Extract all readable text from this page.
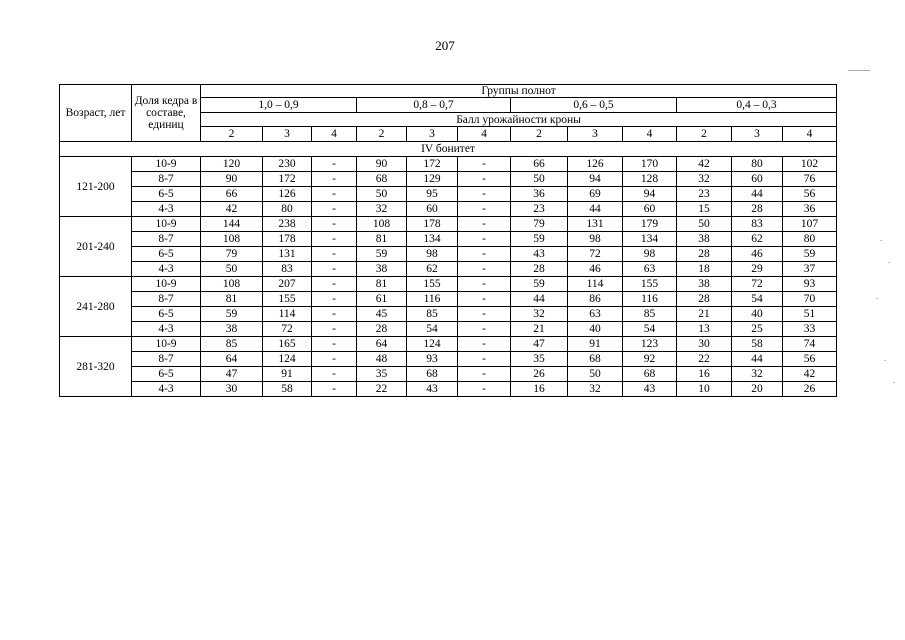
207
Возраст, лет	Доля кедра в составе, единиц	Группы полнот											
		1,0 – 0,9			0,8 – 0,7			0,6 – 0,5			0,4 – 0,3		
		Балл урожайности кроны											
		2	3	4	2	3	4	2	3	4	2	3	4
IV бонитет													
121-200	10-9	120	230	-	90	172	-	66	126	170	42	80	102
	8-7	90	172	-	68	129	-	50	94	128	32	60	76
	6-5	66	126	-	50	95	-	36	69	94	23	44	56
	4-3	42	80	-	32	60	-	23	44	60	15	28	36
201-240	10-9	144	238	-	108	178	-	79	131	179	50	83	107
	8-7	108	178	-	81	134	-	59	98	134	38	62	80
	6-5	79	131	-	59	98	-	43	72	98	28	46	59
	4-3	50	83	-	38	62	-	28	46	63	18	29	37
241-280	10-9	108	207	-	81	155	-	59	114	155	38	72	93
	8-7	81	155	-	61	116	-	44	86	116	28	54	70
	6-5	59	114	-	45	85	-	32	63	85	21	40	51
	4-3	38	72	-	28	54	-	21	40	54	13	25	33
281-320	10-9	85	165	-	64	124	-	47	91	123	30	58	74
	8-7	64	124	-	48	93	-	35	68	92	22	44	56
	6-5	47	91	-	35	68	-	26	50	68	16	32	42
	4-3	30	58	-	22	43	-	16	32	43	10	20	26
